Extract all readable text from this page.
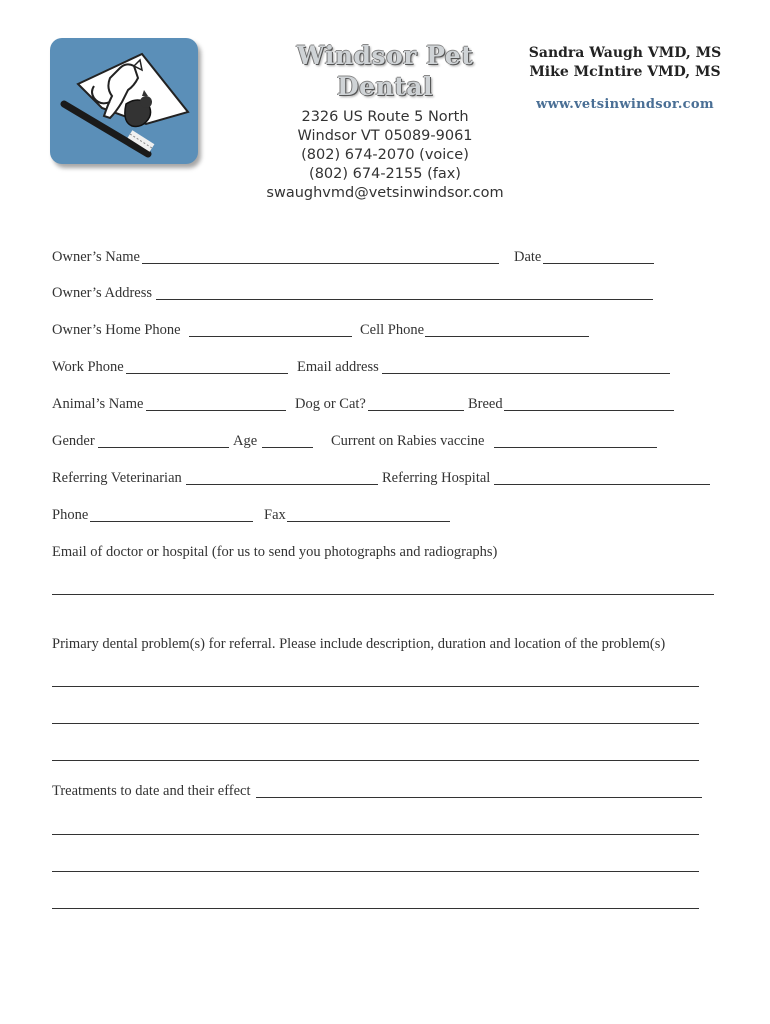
Windsor Pet
Dental
2326 US Route 5 North
Windsor VT 05089-9061
(802) 674-2070 (voice)
(802) 674-2155 (fax)
swaughvmd@vetsinwindsor.com
Sandra Waugh VMD, MS
Mike McIntire VMD, MS
www.vetsinwindsor.com
Owner’s Name	Date
Owner’s Address
Owner’s Home Phone	Cell Phone
Work Phone	Email address
Animal’s Name	Dog or Cat?	Breed
Gender	Age	Current on Rabies vaccine
Referring Veterinarian	Referring Hospital
Phone	Fax
Email of doctor or hospital (for us to send you photographs and radiographs)
Primary dental problem(s) for referral. Please include description, duration and location of the problem(s)
Treatments to date and their effect
